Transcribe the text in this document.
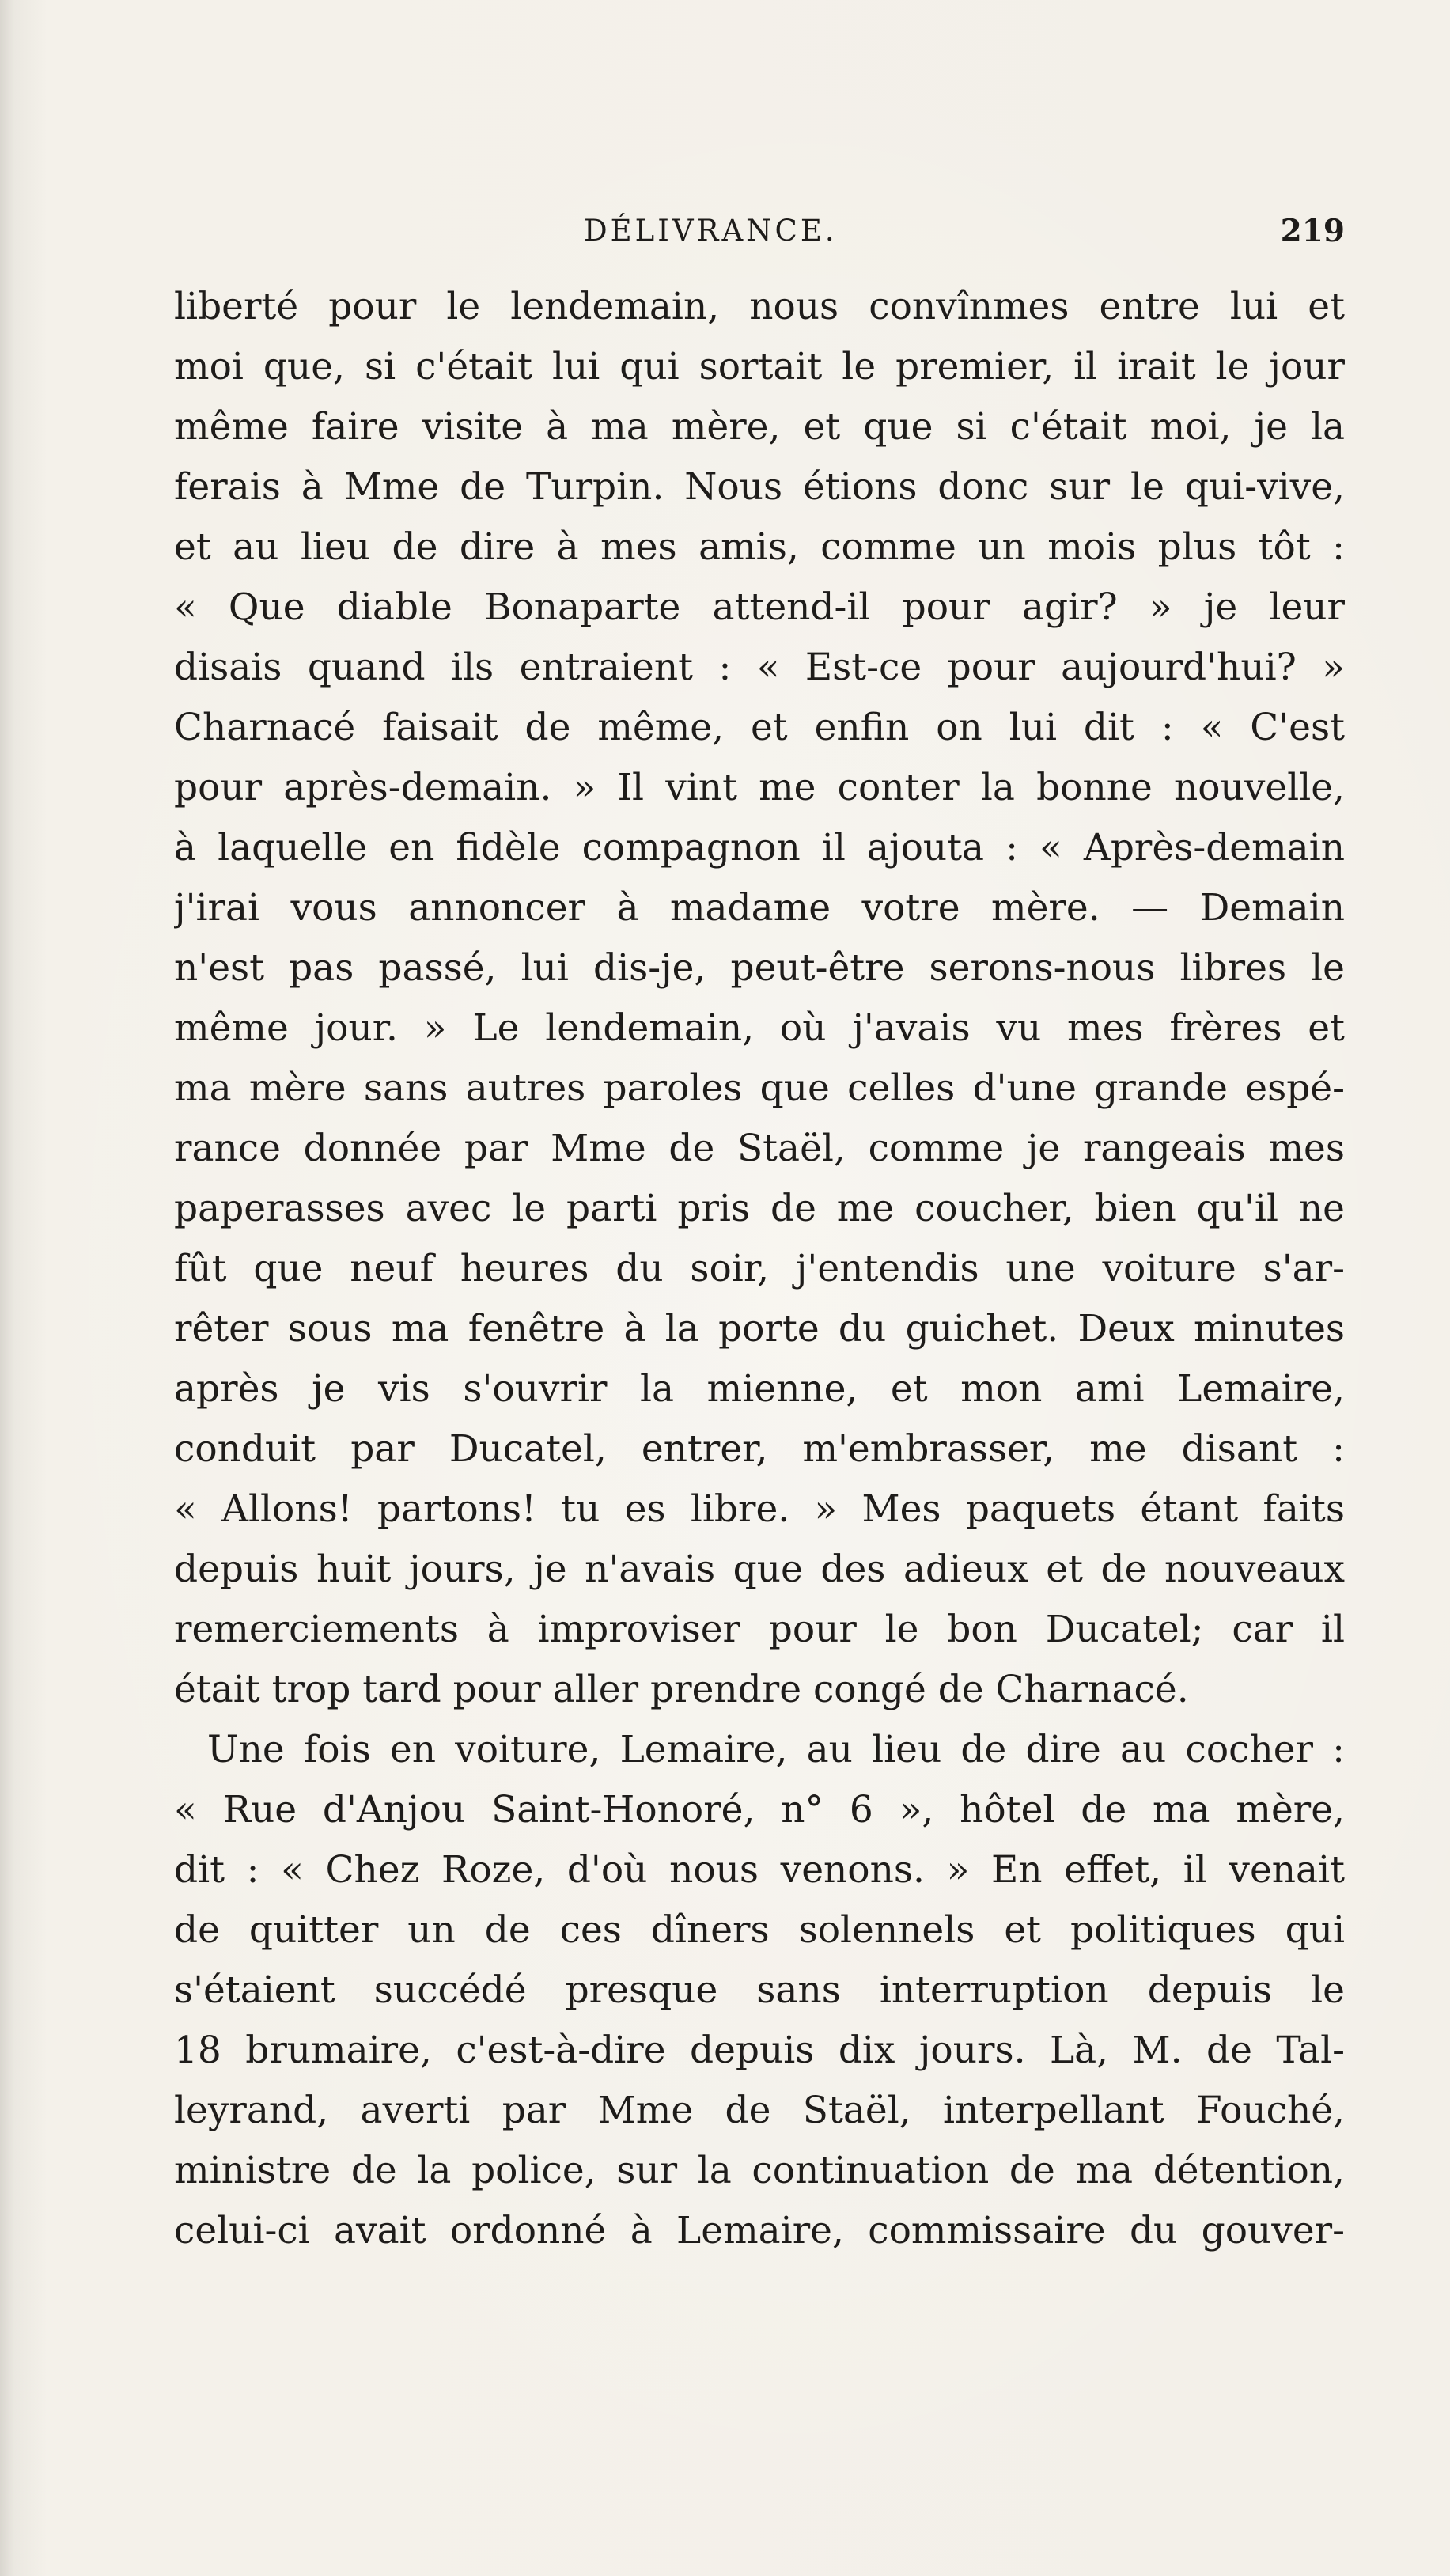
DÉLIVRANCE.	219
liberté pour le lendemain, nous convînmes entre lui et
moi que, si c'était lui qui sortait le premier, il irait le jour
même faire visite à ma mère, et que si c'était moi, je la
ferais à Mme de Turpin. Nous étions donc sur le qui-vive,
et au lieu de dire à mes amis, comme un mois plus tôt :
« Que diable Bonaparte attend-il pour agir? » je leur
disais quand ils entraient : « Est-ce pour aujourd'hui? »
Charnacé faisait de même, et enfin on lui dit : « C'est
pour après-demain. » Il vint me conter la bonne nouvelle,
à laquelle en fidèle compagnon il ajouta : « Après-demain
j'irai vous annoncer à madame votre mère. — Demain
n'est pas passé, lui dis-je, peut-être serons-nous libres le
même jour. » Le lendemain, où j'avais vu mes frères et
ma mère sans autres paroles que celles d'une grande espé-
rance donnée par Mme de Staël, comme je rangeais mes
paperasses avec le parti pris de me coucher, bien qu'il ne
fût que neuf heures du soir, j'entendis une voiture s'ar-
rêter sous ma fenêtre à la porte du guichet. Deux minutes
après je vis s'ouvrir la mienne, et mon ami Lemaire,
conduit par Ducatel, entrer, m'embrasser, me disant :
« Allons! partons! tu es libre. » Mes paquets étant faits
depuis huit jours, je n'avais que des adieux et de nouveaux
remerciements à improviser pour le bon Ducatel; car il
était trop tard pour aller prendre congé de Charnacé.
Une fois en voiture, Lemaire, au lieu de dire au cocher :
« Rue d'Anjou Saint-Honoré, n° 6 », hôtel de ma mère,
dit : « Chez Roze, d'où nous venons. » En effet, il venait
de quitter un de ces dîners solennels et politiques qui
s'étaient succédé presque sans interruption depuis le
18 brumaire, c'est-à-dire depuis dix jours. Là, M. de Tal-
leyrand, averti par Mme de Staël, interpellant Fouché,
ministre de la police, sur la continuation de ma détention,
celui-ci avait ordonné à Lemaire, commissaire du gouver-
